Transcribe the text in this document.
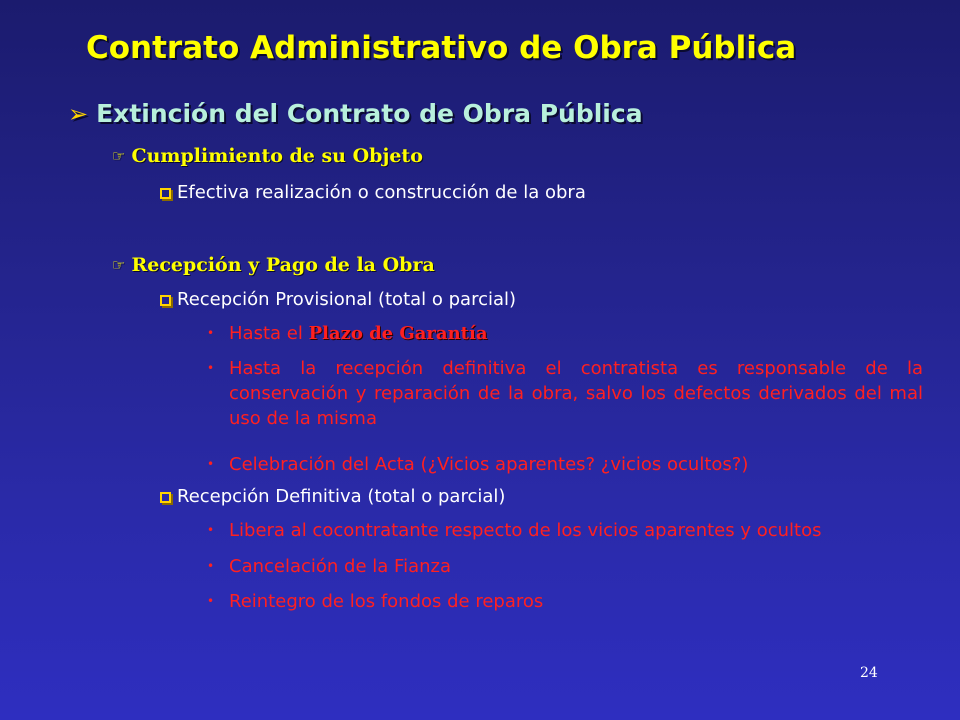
Contrato Administrativo de Obra Pública
➢ Extinción del Contrato de Obra Pública
☞ Cumplimiento de su Objeto
Efectiva realización o construcción de la obra
☞ Recepción y Pago de la Obra
Recepción Provisional (total o parcial)
• Hasta el Plazo de Garantía
• Hasta la recepción definitiva el contratista es responsable de la conservación y reparación de la obra, salvo los defectos derivados del mal uso de la misma
• Celebración del Acta (¿Vicios aparentes? ¿vicios ocultos?)
Recepción Definitiva (total o parcial)
• Libera al cocontratante respecto de los vicios aparentes y ocultos
• Cancelación de la Fianza
• Reintegro de los fondos de reparos
24
